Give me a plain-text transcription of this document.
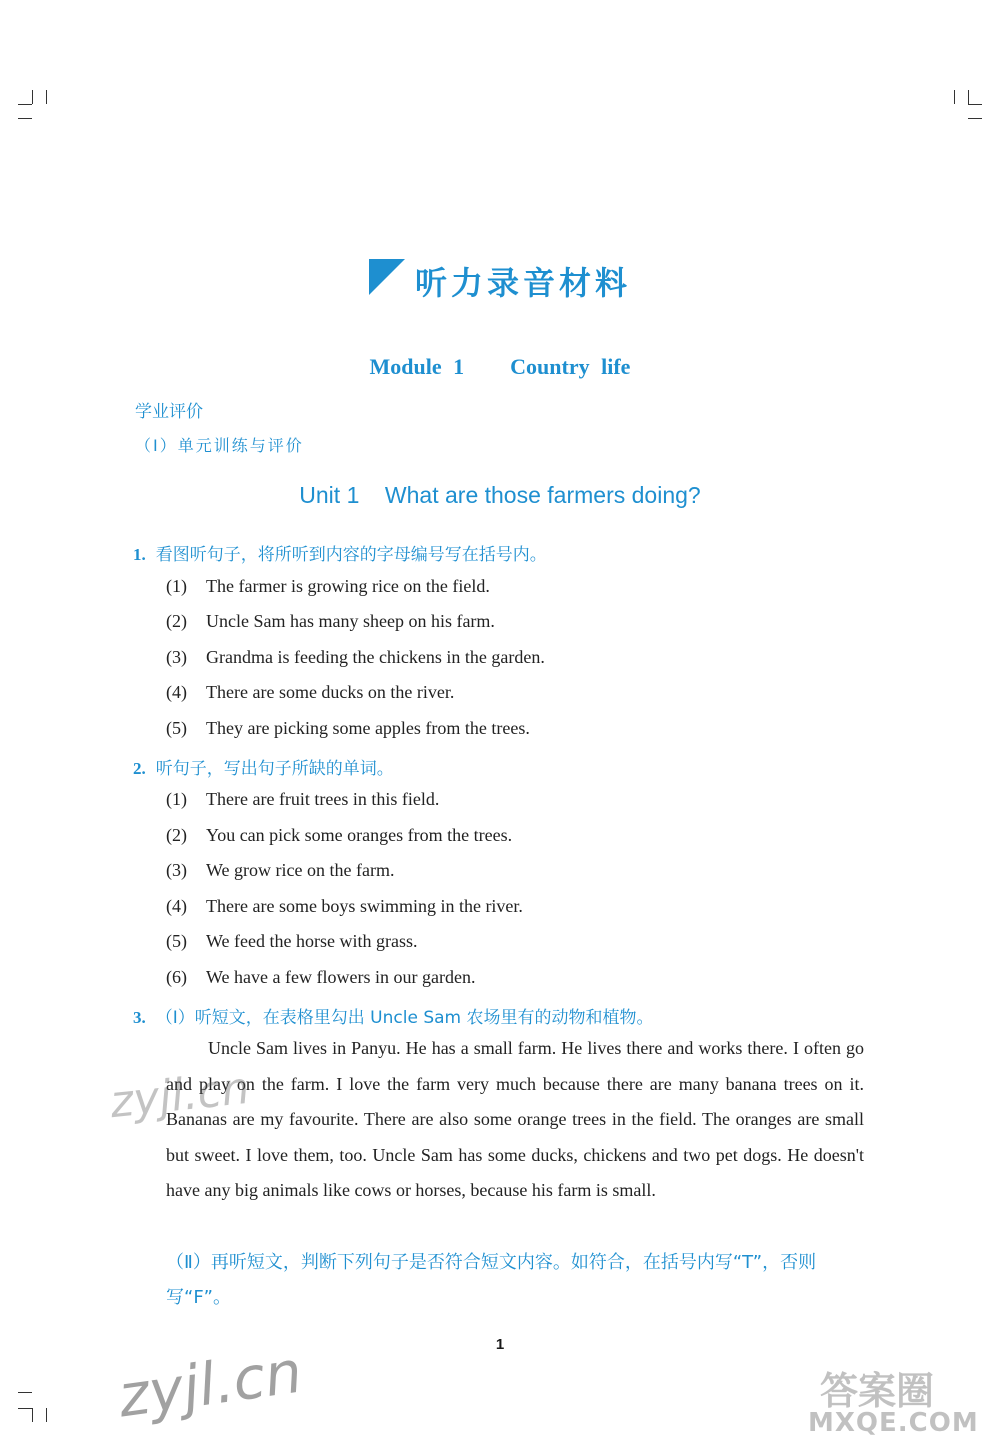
听力录音材料
Module 1    Country life
学业评价
（Ⅰ）单元训练与评价
Unit 1    What are those farmers doing?
1. 看图听句子，将所听到内容的字母编号写在括号内。
(1) The farmer is growing rice on the field.
(2) Uncle Sam has many sheep on his farm.
(3) Grandma is feeding the chickens in the garden.
(4) There are some ducks on the river.
(5) They are picking some apples from the trees.
2. 听句子，写出句子所缺的单词。
(1) There are fruit trees in this field.
(2) You can pick some oranges from the trees.
(3) We grow rice on the farm.
(4) There are some boys swimming in the river.
(5) We feed the horse with grass.
(6) We have a few flowers in our garden.
3. （Ⅰ）听短文，在表格里勾出 Uncle Sam 农场里有的动物和植物。
Uncle Sam lives in Panyu. He has a small farm. He lives there and works there. I often go and play on the farm. I love the farm very much because there are many banana trees on it. Bananas are my favourite. There are also some orange trees in the field. The oranges are small but sweet. I love them, too. Uncle Sam has some ducks, chickens and two pet dogs. He doesn't have any big animals like cows or horses, because his farm is small.
（Ⅱ）再听短文，判断下列句子是否符合短文内容。如符合，在括号内写“T”，否则写“F”。
1
zyjl.cn
zyjl.cn
答案圈
MXQE.COM
